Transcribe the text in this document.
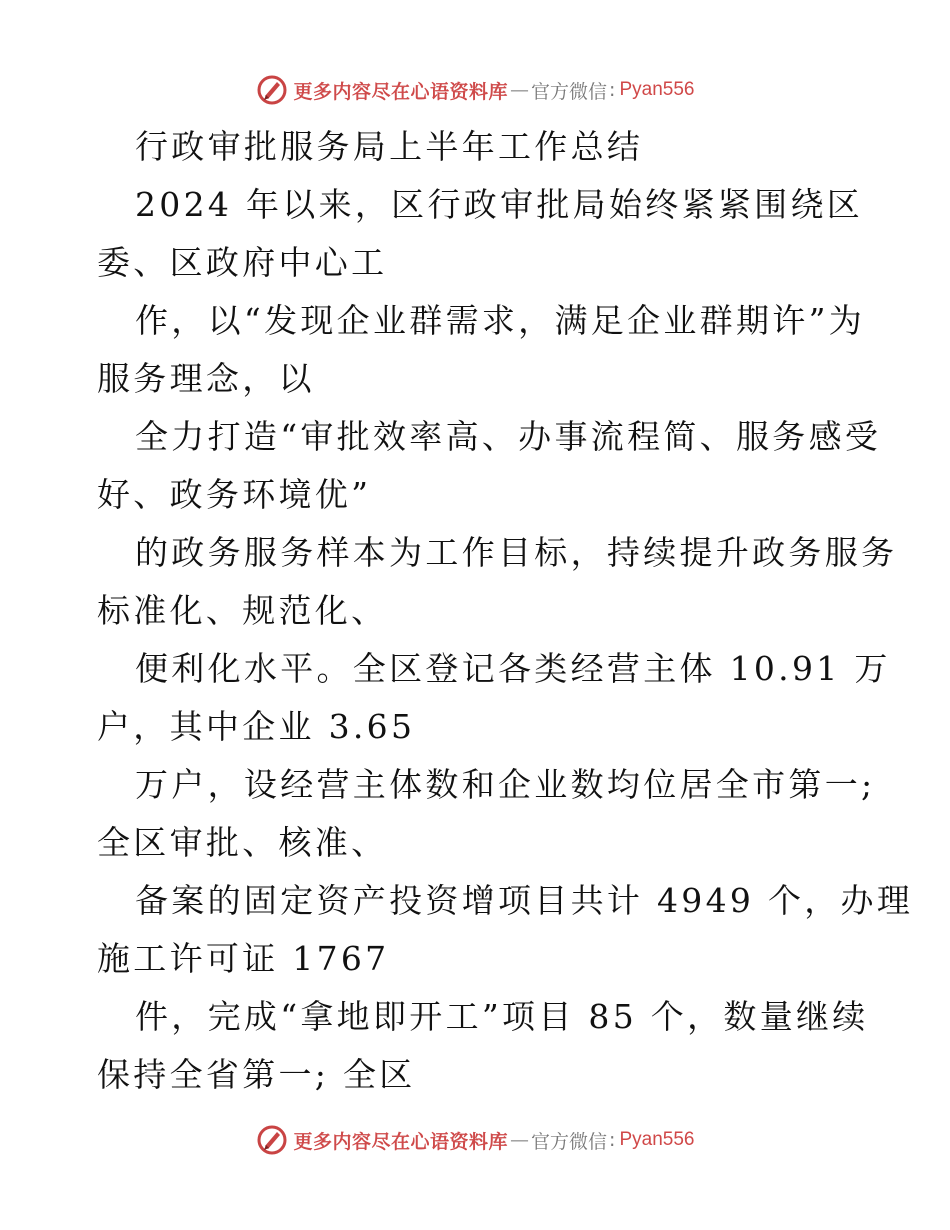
更多内容尽在心语资料库 — 官方微信 : Pyan556
行政审批服务局上半年工作总结
2024 年以来，区行政审批局始终紧紧围绕区
委、区政府中心工
作，以“发现企业群需求，满足企业群期许”为
服务理念，以
全力打造“审批效率高、办事流程简、服务感受
好、政务环境优”
的政务服务样本为工作目标，持续提升政务服务
标准化、规范化、
便利化水平。全区登记各类经营主体 10.91 万
户，其中企业 3.65
万户，设经营主体数和企业数均位居全市第一;
全区审批、核准、
备案的固定资产投资增项目共计 4949 个，办理
施工许可证 1767
件，完成“拿地即开工”项目 85 个，数量继续
保持全省第一; 全区
更多内容尽在心语资料库 — 官方微信 : Pyan556
